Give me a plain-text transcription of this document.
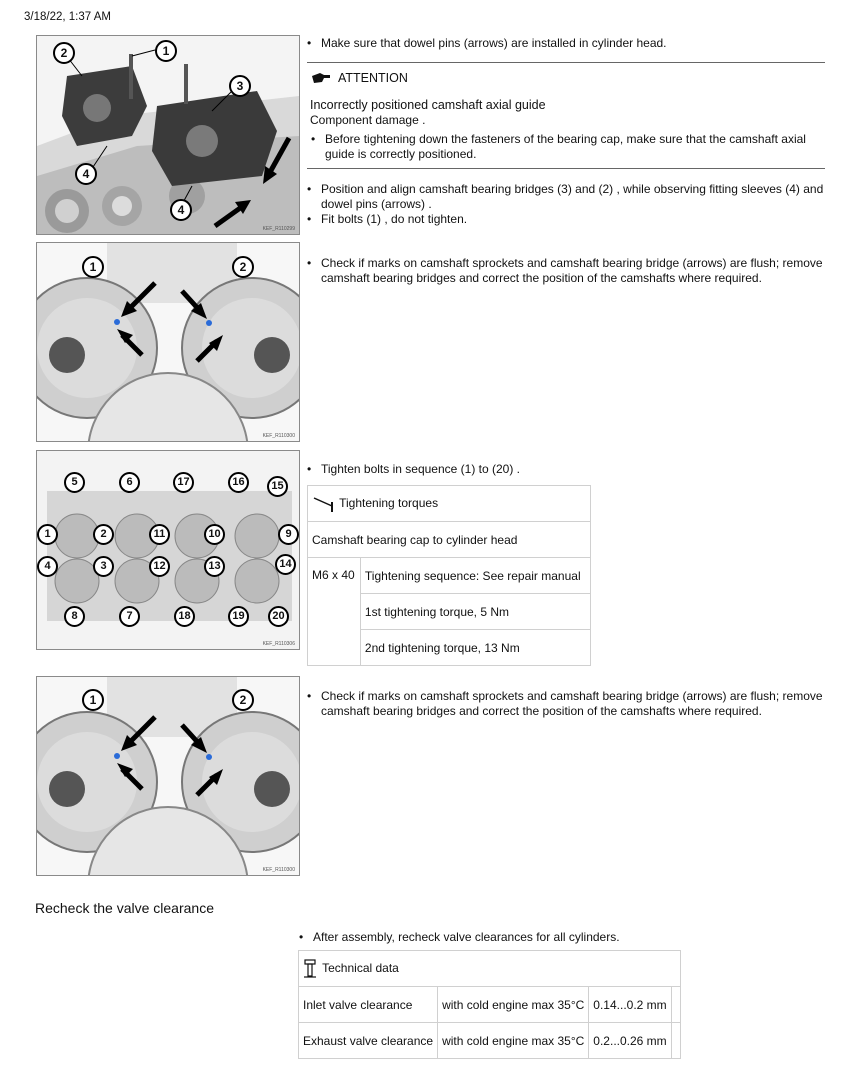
3/18/22, 1:37 AM
2	1
3
4
4
KEF_R110299
• Make sure that dowel pins (arrows) are installed in cylinder head.
ATTENTION
Incorrectly positioned camshaft axial guide
Component damage .
• Before tightening down the fasteners of the bearing cap, make sure that the camshaft axial guide is correctly positioned.
• Position and align camshaft bearing bridges (3) and (2) , while observing fitting sleeves (4) and dowel pins (arrows) .
• Fit bolts (1) , do not tighten.
1	2
KEF_R110300
• Check if marks on camshaft sprockets and camshaft bearing bridge (arrows) are flush; remove camshaft bearing bridges and correct the position of the camshafts where required.
5	6	17	16	15
1	2	11	10	9
4	3	12	13	14
8	7	18	19	20
KEF_R110306
• Tighten bolts in sequence (1) to (20) .
Tightening torques
Camshaft bearing cap to cylinder head
M6 x 40	Tightening sequence: See repair manual
1st tightening torque, 5 Nm
2nd tightening torque, 13 Nm
1	2
KEF_R110300
• Check if marks on camshaft sprockets and camshaft bearing bridge (arrows) are flush; remove camshaft bearing bridges and correct the position of the camshafts where required.
Recheck the valve clearance
• After assembly, recheck valve clearances for all cylinders.
Technical data			
Inlet valve clearance	with cold engine max 35°C	0.14...0.2 mm	
Exhaust valve clearance	with cold engine max 35°C	0.2...0.26 mm	
